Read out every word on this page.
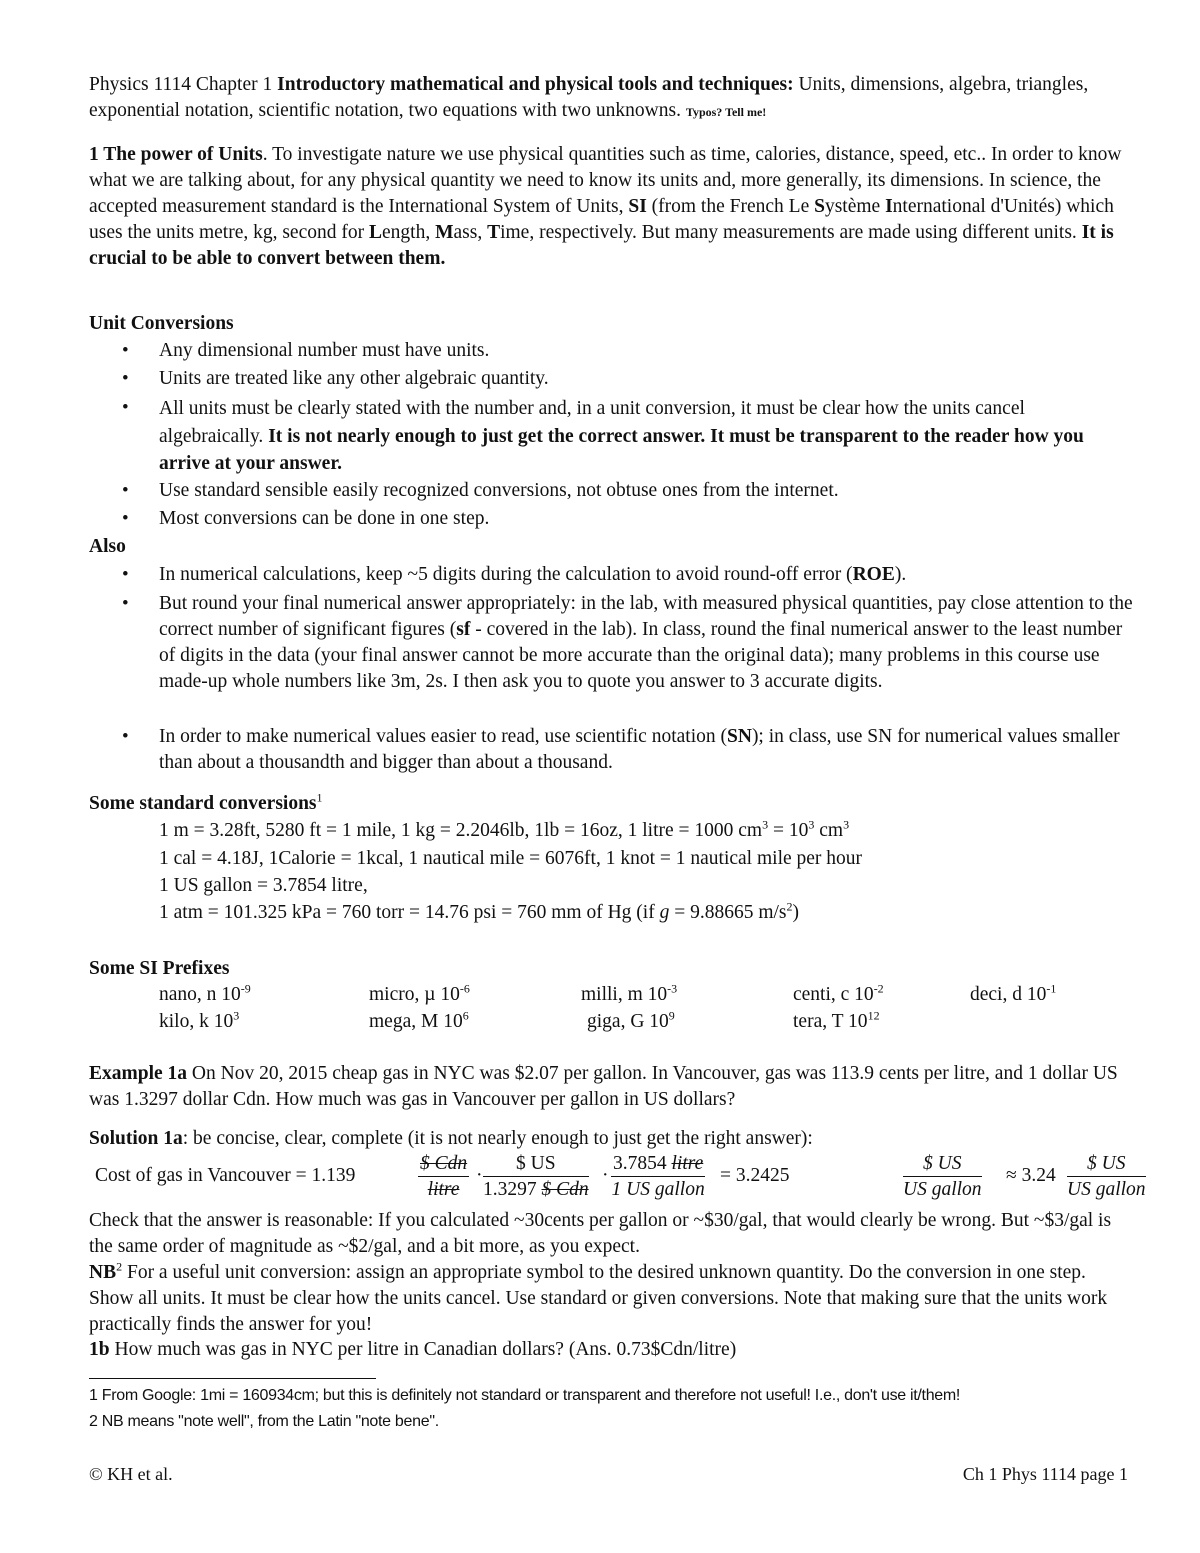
Physics 1114 Chapter 1 Introductory mathematical and physical tools and techniques: Units, dimensions, algebra, triangles, exponential notation, scientific notation, two equations with two unknowns. Typos? Tell me!

1 The power of Units. To investigate nature we use physical quantities such as time, calories, distance, speed, etc.. In order to know what we are talking about, for any physical quantity we need to know its units and, more generally, its dimensions. In science, the accepted measurement standard is the International System of Units, SI (from the French Le Système International d'Unités) which uses the units metre, kg, second for Length, Mass, Time, respectively. But many measurements are made using different units. It is crucial to be able to convert between them.

Unit Conversions

•	Any dimensional number must have units.

•	Units are treated like any other algebraic quantity.

•	All units must be clearly stated with the number and, in a unit conversion, it must be clear how the units cancel algebraically. It is not nearly enough to just get the correct answer. It must be transparent to the reader how you arrive at your answer.

•	Use standard sensible easily recognized conversions, not obtuse ones from the internet.

•	Most conversions can be done in one step.

Also

•	In numerical calculations, keep ~5 digits during the calculation to avoid round-off error (ROE).

•	But round your final numerical answer appropriately: in the lab, with measured physical quantities, pay close attention to the correct number of significant figures (sf - covered in the lab). In class, round the final numerical answer to the least number of digits in the data (your final answer cannot be more accurate than the original data); many problems in this course use made-up whole numbers like 3m, 2s. I then ask you to quote you answer to 3 accurate digits.

•	In order to make numerical values easier to read, use scientific notation (SN); in class, use SN for numerical values smaller than about a thousandth and bigger than about a thousand.

Some standard conversions$^1$

1 m = 3.28ft, 5280 ft = 1 mile, 1 kg = 2.2046lb, 1lb = 16oz, 1 litre = 1000 $cm^3 = 10^3$ $cm^3$
1 cal = 4.18J, 1Calorie = 1kcal, 1 nautical mile = 6076ft, 1 knot = 1 nautical mile per hour
1 US gallon = 3.7854 litre,
1 atm = 101.325 kPa = 760 torr = 14.76 psi = 760 mm of Hg (if g = 9.88665 $m/s^2$)

Some SI Prefixes

nano, n $10^{-9}$	micro, µ $10^{-6}$	milli, m $10^{-3}$	centi, c $10^{-2}$	deci, d $10^{-1}$
kilo, k $10^3$	mega, M $10^6$	giga, G $10^9$	tera, T $10^{12}$

Example 1a On Nov 20, 2015 cheap gas in NYC was $2.07 per gallon. In Vancouver, gas was 113.9 cents per litre, and 1 dollar US was 1.3297 dollar Cdn. How much was gas in Vancouver per gallon in US dollars?

Solution 1a: be concise, clear, complete (it is not nearly enough to just get the right answer):

Cost of gas in Vancouver = 1.139
$ Cdn
litre
·
$ US
1.3297 $ Cdn
·
3.7854 litre
1 US gallon
= 3.2425
$ US
US gallon
≈ 3.24
$ US
US gallon

Check that the answer is reasonable: If you calculated ~30cents per gallon or ~$30/gal, that would clearly be wrong. But ~$3/gal is the same order of magnitude as ~$2/gal, and a bit more, as you expect.

$NB^2$ For a useful unit conversion: assign an appropriate symbol to the desired unknown quantity. Do the conversion in one step. Show all units. It must be clear how the units cancel. Use standard or given conversions. Note that making sure that the units work practically finds the answer for you!

1b How much was gas in NYC per litre in Canadian dollars? (Ans. 0.73$Cdn/litre)

1 From Google: 1mi = 160934cm; but this is definitely not standard or transparent and therefore not useful! I.e., don't use it/them!
2 NB means "note well", from the Latin "note bene".
© KH et al.	Ch 1 Phys 1114 page 1
